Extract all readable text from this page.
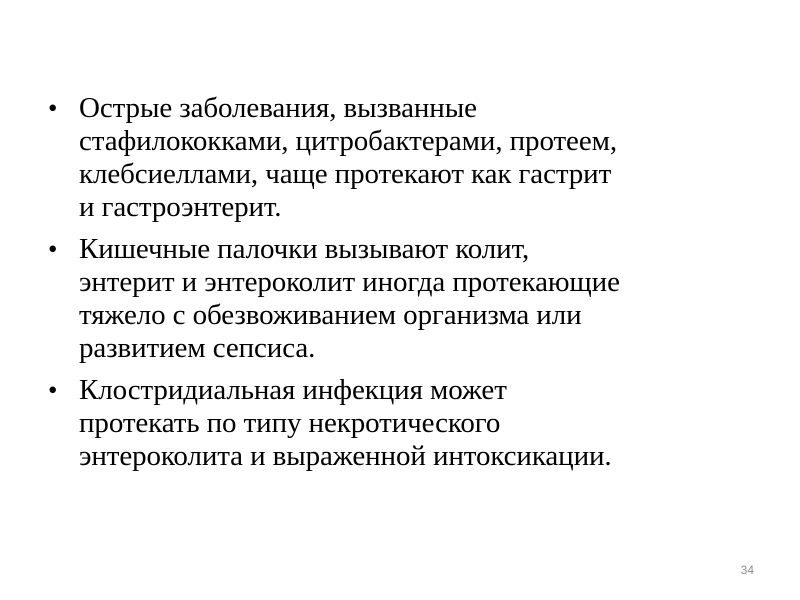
• Острые заболевания, вызванные
стафилококками, цитробактерами, протеем,
клебсиеллами, чаще протекают как гастрит
и гастроэнтерит.
• Кишечные палочки вызывают колит,
энтерит и энтероколит иногда протекающие
тяжело с обезвоживанием организма или
развитием сепсиса.
• Клостридиальная инфекция может
протекать по типу некротического
энтероколита и выраженной интоксикации.
34
